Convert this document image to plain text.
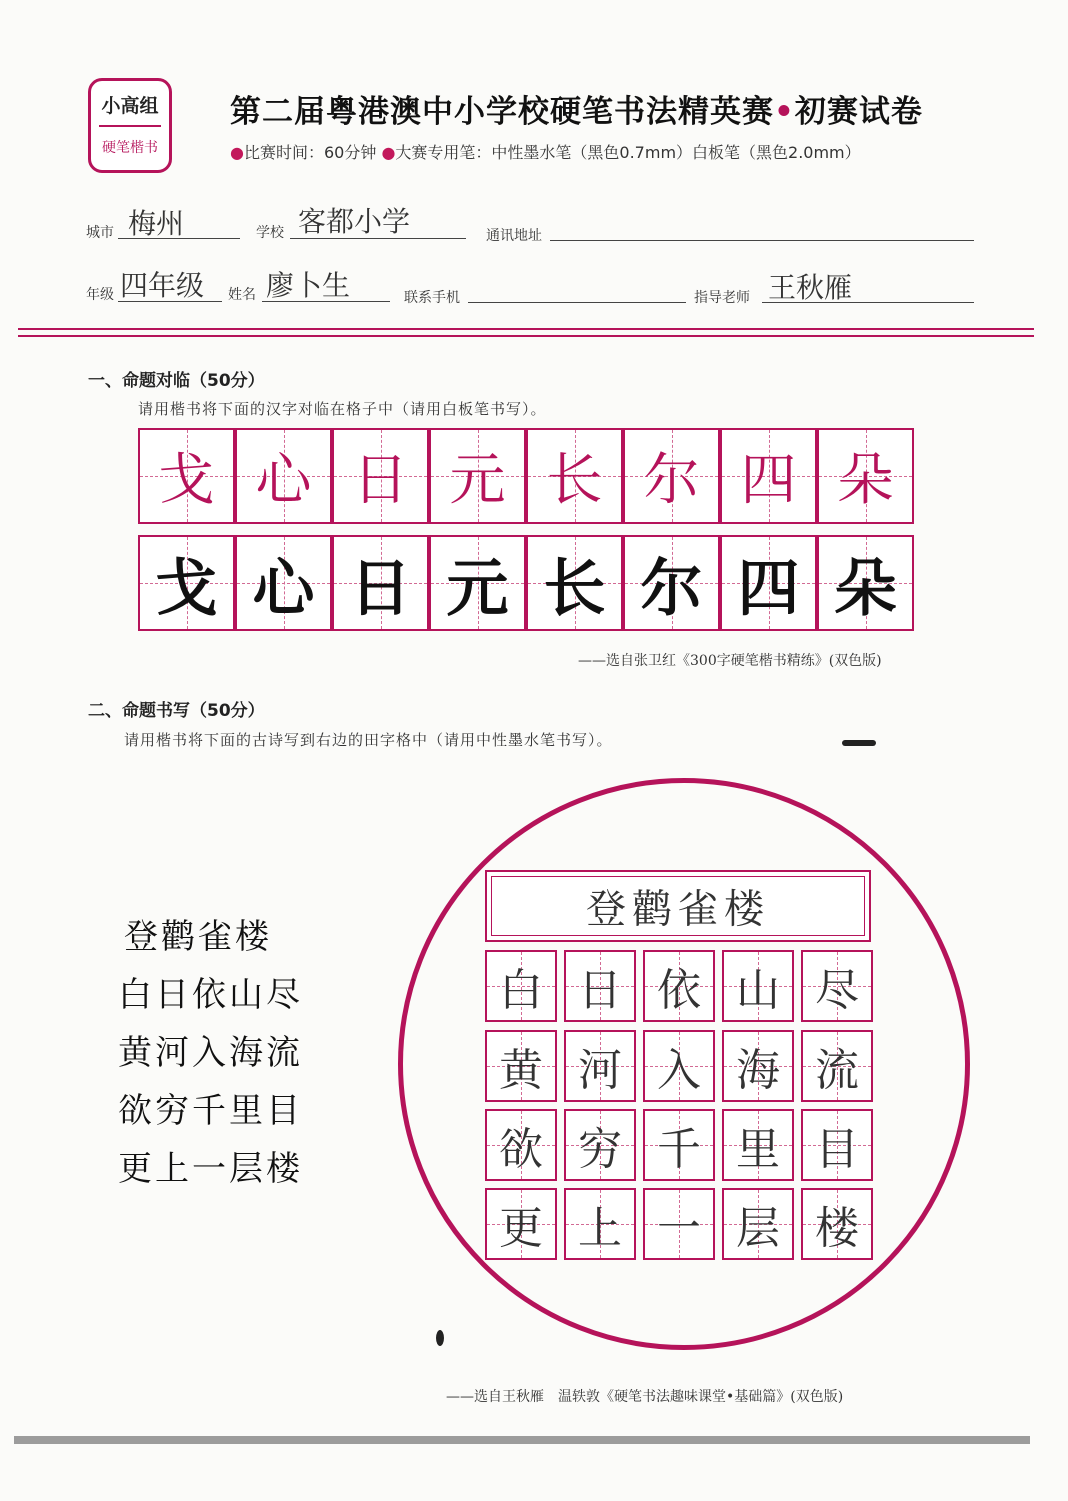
小高组
硬笔楷书
第二届粤港澳中小学校硬笔书法精英赛•初赛试卷
●比赛时间：60分钟 ●大赛专用笔：中性墨水笔（黑色0.7mm）白板笔（黑色2.0mm）
城市 梅州	学校 客都小学	通讯地址
年级 四年级 姓名 廖卜生	联系手机	指导老师 王秋雁
一、命题对临（50分）
请用楷书将下面的汉字对临在格子中（请用白板笔书写）。
戈 心 日 元 长 尔 四 朵
戈 心 日 元 长 尔 四 朵
——选自张卫红《300字硬笔楷书精练》(双色版)
二、命题书写（50分）
请用楷书将下面的古诗写到右边的田字格中（请用中性墨水笔书写）。
登鹳雀楼
白日依山尽
黄河入海流
欲穷千里目
更上一层楼
登鹳雀楼
白 日 依 山 尽
黄 河 入 海 流
欲 穷 千 里 目
更 上 一 层 楼
——选自王秋雁　温轶敦《硬笔书法趣味课堂•基础篇》(双色版)
